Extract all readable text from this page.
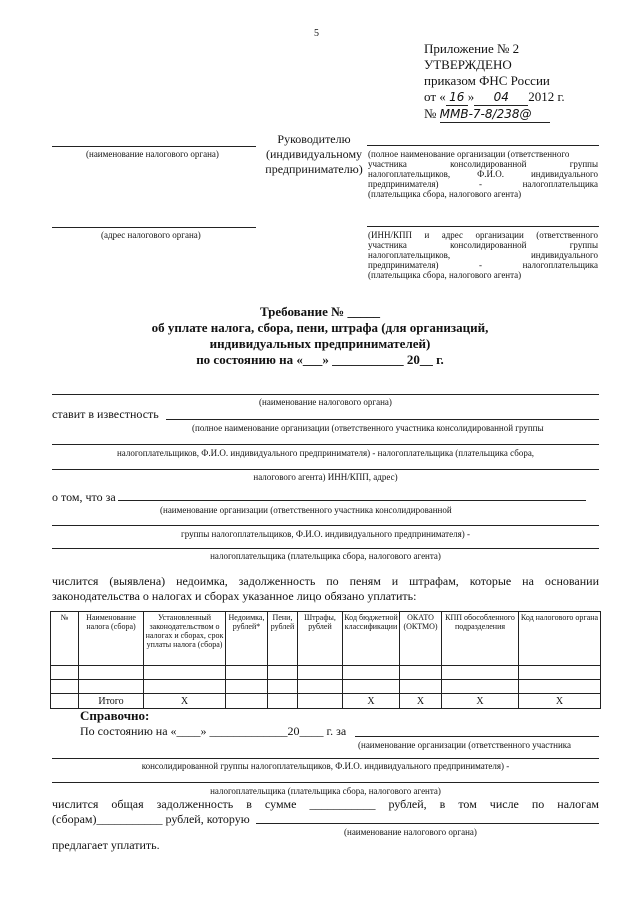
5
Приложение № 2
УТВЕРЖДЕНО
приказом ФНС России
от « 16 » 04 2012 г.
№ ММВ-7-8/238@
(наименование налогового органа)
(адрес налогового органа)
Руководителю
(индивидуальному
предпринимателю)
(полное наименование организации (ответственного
участника консолидированной группы
налогоплательщиков, Ф.И.О. индивидуального
предпринимателя) - налогоплательщика
(плательщика сбора, налогового агента)
(ИНН/КПП и адрес организации (ответственного
участника консолидированной группы
налогоплательщиков, индивидуального
предпринимателя) - налогоплательщика
(плательщика сбора, налогового агента)
Требование № _____
об уплате налога, сбора, пени, штрафа (для организаций,
индивидуальных предпринимателей)
по состоянию на «___» ___________ 20__ г.
(наименование налогового органа)
ставит в известность
(полное наименование организации (ответственного участника консолидированной группы
налогоплательщиков, Ф.И.О. индивидуального предпринимателя) - налогоплательщика (плательщика сбора,
налогового агента) ИНН/КПП, адрес)
о том, что за
(наименование организации (ответственного участника консолидированной
группы налогоплательщиков, Ф.И.О. индивидуального предпринимателя) -
налогоплательщика (плательщика сбора, налогового агента)
числится (выявлена) недоимка, задолженность по пеням и штрафам, которые на основании
законодательства о налогах и сборах указанное лицо обязано уплатить:
№	Наименование налога (сбора)	Установленный законодательством о налогах и сборах, срок уплаты налога (сбора)	Недоимка, рублей*	Пени, рублей	Штрафы, рублей	Код бюджетной классификации	ОКАТО (ОКТМО)	КПП обособленного подразделения	Код налогового органа

	Итого	X				X	X	X	X
Справочно:
По состоянию на «____» _____________20____ г. за
(наименование организации (ответственного участника
консолидированной группы налогоплательщиков, Ф.И.О. индивидуального предпринимателя) -
налогоплательщика (плательщика сбора, налогового агента)
числится общая задолженность в сумме ___________ рублей, в том числе по налогам
(сборам)___________ рублей, которую
(наименование налогового органа)
предлагает уплатить.
